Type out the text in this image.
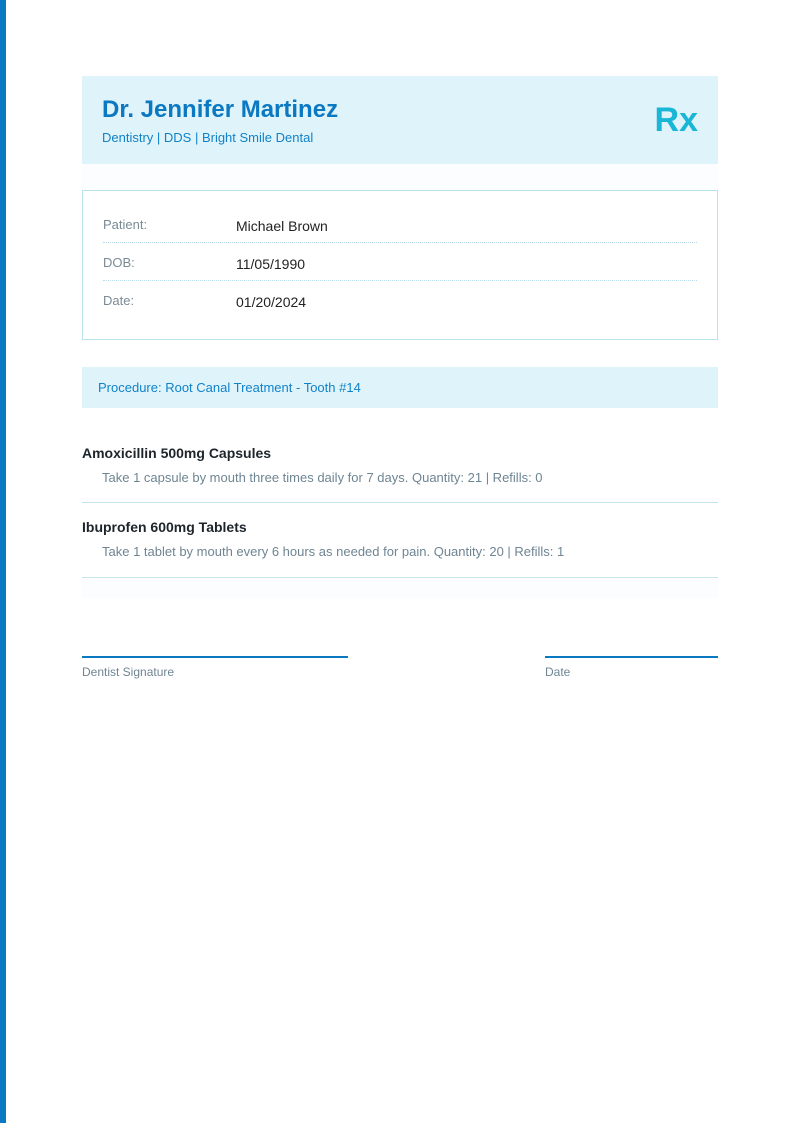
Dr. Jennifer Martinez
Dentistry | DDS | Bright Smile Dental	Rx
Patient:	Michael Brown
DOB:	11/05/1990
Date:	01/20/2024
Procedure: Root Canal Treatment - Tooth #14
Amoxicillin 500mg Capsules
Take 1 capsule by mouth three times daily for 7 days. Quantity: 21 | Refills: 0
Ibuprofen 600mg Tablets
Take 1 tablet by mouth every 6 hours as needed for pain. Quantity: 20 | Refills: 1
Dentist Signature	Date
